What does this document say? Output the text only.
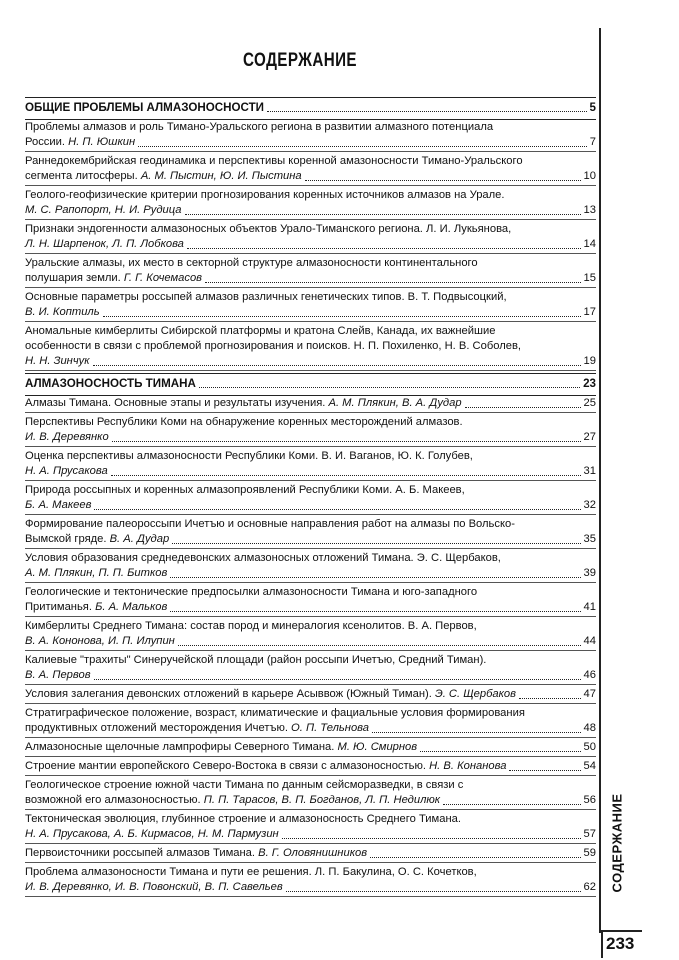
СОДЕРЖАНИЕ
ОБЩИЕ ПРОБЛЕМЫ АЛМАЗОНОСНОСТИ	5
Проблемы алмазов и роль Тимано-Уральского региона в развитии алмазного потенциала
России. Н. П. Юшкин	7
Раннедокембрийская геодинамика и перспективы коренной амазоносности Тимано-Уральского
сегмента литосферы. А. М. Пыстин, Ю. И. Пыстина	10
Геолого-геофизические критерии прогнозирования коренных источников алмазов на Урале.
М. С. Рапопорт, Н. И. Рудица	13
Признаки эндогенности алмазоносных объектов Урало-Тиманского региона. Л. И. Лукьянова,
Л. Н. Шарпенок, Л. П. Лобкова	14
Уральские алмазы, их место в секторной структуре алмазоносности континентального
полушария земли. Г. Г. Кочемасов	15
Основные параметры россыпей алмазов различных генетических типов. В. Т. Подвысоцкий,
В. И. Коптиль	17
Аномальные кимберлиты Сибирской платформы и кратона Слейв, Канада, их важнейшие
особенности в связи с проблемой прогнозирования и поисков. Н. П. Похиленко, Н. В. Соболев,
Н. Н. Зинчук	19
АЛМАЗОНОСНОСТЬ ТИМАНА	23
Алмазы Тимана. Основные этапы и результаты изучения. А. М. Плякин, В. А. Дудар	25
Перспективы Республики Коми на обнаружение коренных месторождений алмазов.
И. В. Деревянко	27
Оценка перспективы алмазоносности Республики Коми. В. И. Ваганов, Ю. К. Голубев,
Н. А. Прусакова	31
Природа россыпных и коренных алмазопроявлений Республики Коми. А. Б. Макеев,
Б. А. Макеев	32
Формирование палеороссыпи Ичетъю и основные направления работ на алмазы по Вольско-
Вымской гряде. В. А. Дудар	35
Условия образования среднедевонских алмазоносных отложений Тимана. Э. С. Щербаков,
А. М. Плякин, П. П. Битков	39
Геологические и тектонические предпосылки алмазоносности Тимана и юго-западного
Притиманья. Б. А. Мальков	41
Кимберлиты Среднего Тимана: состав пород и минералогия ксенолитов. В. А. Первов,
В. А. Кононова, И. П. Илупин	44
Калиевые "трахиты" Синеручейской площади (район россыпи Ичетъю, Средний Тиман).
В. А. Первов	46
Условия залегания девонских отложений в карьере Асыввож (Южный Тиман). Э. С. Щербаков	47
Стратиграфическое положение, возраст, климатические и фациальные условия формирования
продуктивных отложений месторождения Ичетъю. О. П. Тельнова	48
Алмазоносные щелочные лампрофиры Северного Тимана. М. Ю. Смирнов	50
Строение мантии европейского Северо-Востока в связи с алмазоносностью. Н. В. Конанова	54
Геологическое строение южной части Тимана по данным сейсморазведки, в связи с
возможной его алмазоносностью. П. П. Тарасов, В. П. Богданов, Л. П. Недилюк	56
Тектоническая эволюция, глубинное строение и алмазоносность Среднего Тимана.
Н. А. Прусакова, А. Б. Кирмасов, Н. М. Пармузин	57
Первоисточники россыпей алмазов Тимана. В. Г. Оловянишников	59
Проблема алмазоносности Тимана и пути ее решения. Л. П. Бакулина, О. С. Кочетков,
И. В. Деревянко, И. В. Повонский, В. П. Савельев	62 СОДЕРЖАНИЕ
233
